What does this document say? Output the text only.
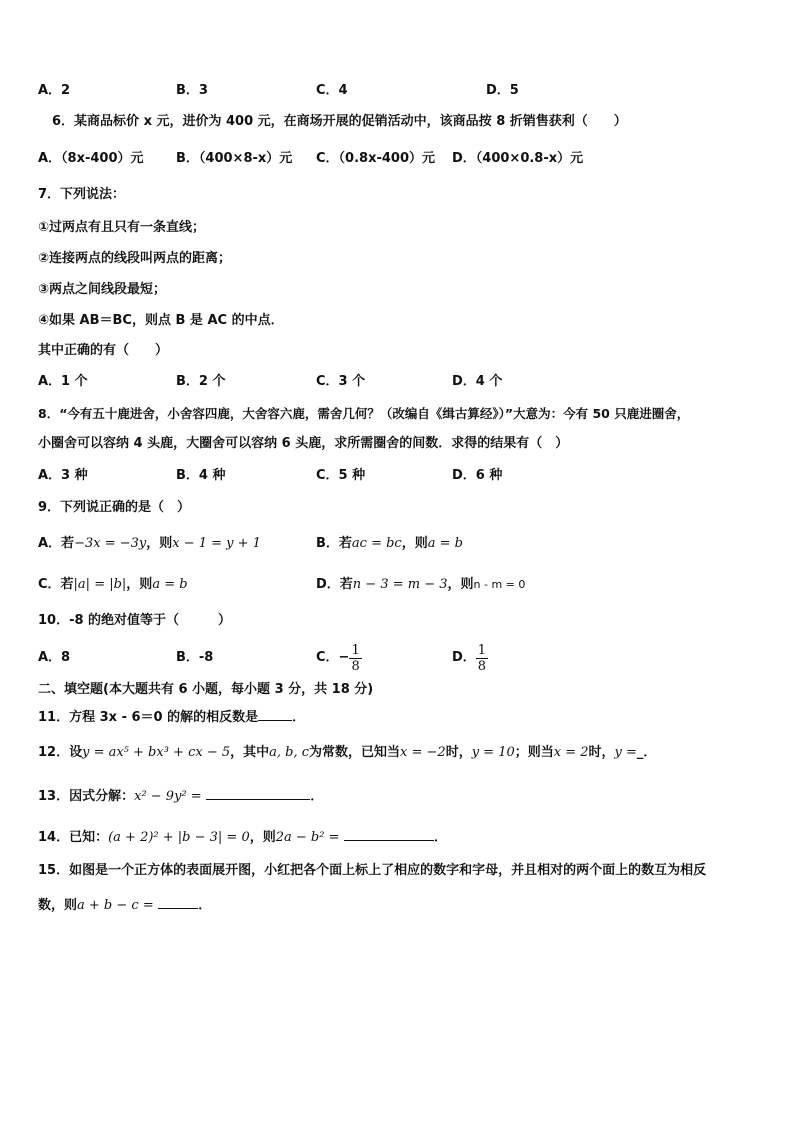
A．2	B．3	C．4	D．5
6．某商品标价 x 元，进价为 400 元，在商场开展的促销活动中，该商品按 8 折销售获利（　　）
A．（8x-400）元 B．（400×8-x）元 C．（0.8x-400）元 D．（400×0.8-x）元
7．下列说法：
①过两点有且只有一条直线；
②连接两点的线段叫两点的距离；
③两点之间线段最短；
④如果 AB＝BC，则点 B 是 AC 的中点．
其中正确的有（　　）
A．1 个	B．2 个	C．3 个	D．4 个
8．“今有五十鹿进舍，小舍容四鹿，大舍容六鹿，需舍几何？（改编自《缉古算经》）”大意为：今有 50 只鹿进圈舍，
小圈舍可以容纳 4 头鹿，大圈舍可以容纳 6 头鹿，求所需圈舍的间数．求得的结果有（　）
A．3 种	B．4 种	C．5 种	D．6 种
9．下列说正确的是（　）
A．若−3x = −3y，则x − 1 = y + 1	B．若ac = bc，则a = b
C．若|a| = |b|，则a = b	D．若n − 3 = m − 3，则n - m = 0
10．-8 的绝对值等于（　　　）
A．8	B．-8	C．− $\frac{1}{8}$	D． $\frac{1}{8}$
二、填空题(本大题共有 6 小题，每小题 3 分，共 18 分)
11．方程 3x - 6＝0 的解的相反数是	．
12．设y = ax⁵ + bx³ + cx − 5，其中a, b, c为常数，已知当x = −2时，y = 10；则当x = 2时，y =_．
13．因式分解：x² − 9y² =	．
14．已知：(a + 2)² + |b − 3| = 0，则2a − b² =	．
15．如图是一个正方体的表面展开图，小红把各个面上标上了相应的数字和字母，并且相对的两个面上的数互为相反
数，则a + b − c =	．
